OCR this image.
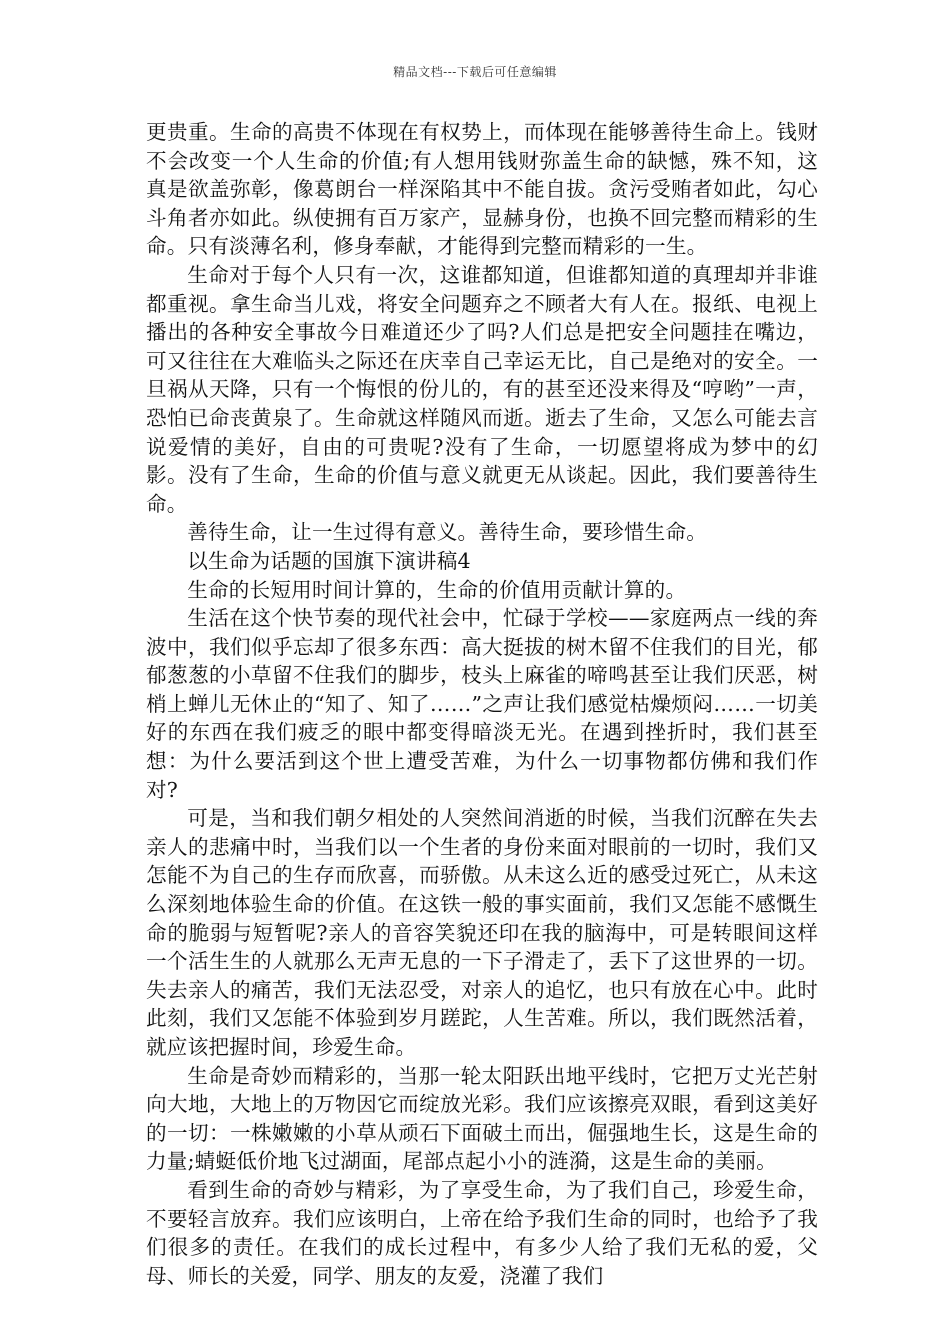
精品文档---下载后可任意编辑

更贵重。生命的高贵不体现在有权势上，而体现在能够善待生命上。钱财不会改变一个人生命的价值;有人想用钱财弥盖生命的缺憾，殊不知，这真是欲盖弥彰，像葛朗台一样深陷其中不能自拔。贪污受贿者如此，勾心斗角者亦如此。纵使拥有百万家产，显赫身份，也换不回完整而精彩的生命。只有淡薄名利，修身奉献，才能得到完整而精彩的一生。

生命对于每个人只有一次，这谁都知道，但谁都知道的真理却并非谁都重视。拿生命当儿戏，将安全问题弃之不顾者大有人在。报纸、电视上播出的各种安全事故今日难道还少了吗?人们总是把安全问题挂在嘴边，可又往往在大难临头之际还在庆幸自己幸运无比，自己是绝对的安全。一旦祸从天降，只有一个悔恨的份儿的，有的甚至还没来得及“哼哟”一声，恐怕已命丧黄泉了。生命就这样随风而逝。逝去了生命，又怎么可能去言说爱情的美好，自由的可贵呢?没有了生命，一切愿望将成为梦中的幻影。没有了生命，生命的价值与意义就更无从谈起。因此，我们要善待生命。

善待生命，让一生过得有意义。善待生命，要珍惜生命。

以生命为话题的国旗下演讲稿4

生命的长短用时间计算的，生命的价值用贡献计算的。

生活在这个快节奏的现代社会中，忙碌于学校——家庭两点一线的奔波中，我们似乎忘却了很多东西：高大挺拔的树木留不住我们的目光，郁郁葱葱的小草留不住我们的脚步，枝头上麻雀的啼鸣甚至让我们厌恶，树梢上蝉儿无休止的“知了、知了……”之声让我们感觉枯燥烦闷……一切美好的东西在我们疲乏的眼中都变得暗淡无光。在遇到挫折时，我们甚至想：为什么要活到这个世上遭受苦难，为什么一切事物都仿佛和我们作对?

可是，当和我们朝夕相处的人突然间消逝的时候，当我们沉醉在失去亲人的悲痛中时，当我们以一个生者的身份来面对眼前的一切时，我们又怎能不为自己的生存而欣喜，而骄傲。从未这么近的感受过死亡，从未这么深刻地体验生命的价值。在这铁一般的事实面前，我们又怎能不感慨生命的脆弱与短暂呢?亲人的音容笑貌还印在我的脑海中，可是转眼间这样一个活生生的人就那么无声无息的一下子滑走了，丢下了这世界的一切。失去亲人的痛苦，我们无法忍受，对亲人的追忆，也只有放在心中。此时此刻，我们又怎能不体验到岁月蹉跎，人生苦难。所以，我们既然活着，就应该把握时间，珍爱生命。

生命是奇妙而精彩的，当那一轮太阳跃出地平线时，它把万丈光芒射向大地，大地上的万物因它而绽放光彩。我们应该擦亮双眼，看到这美好的一切：一株嫩嫩的小草从顽石下面破土而出，倔强地生长，这是生命的力量;蜻蜓低价地飞过湖面，尾部点起小小的涟漪，这是生命的美丽。

看到生命的奇妙与精彩，为了享受生命，为了我们自己，珍爱生命，不要轻言放弃。我们应该明白，上帝在给予我们生命的同时，也给予了我们很多的责任。在我们的成长过程中，有多少人给了我们无私的爱，父母、师长的关爱，同学、朋友的友爱，浇灌了我们
